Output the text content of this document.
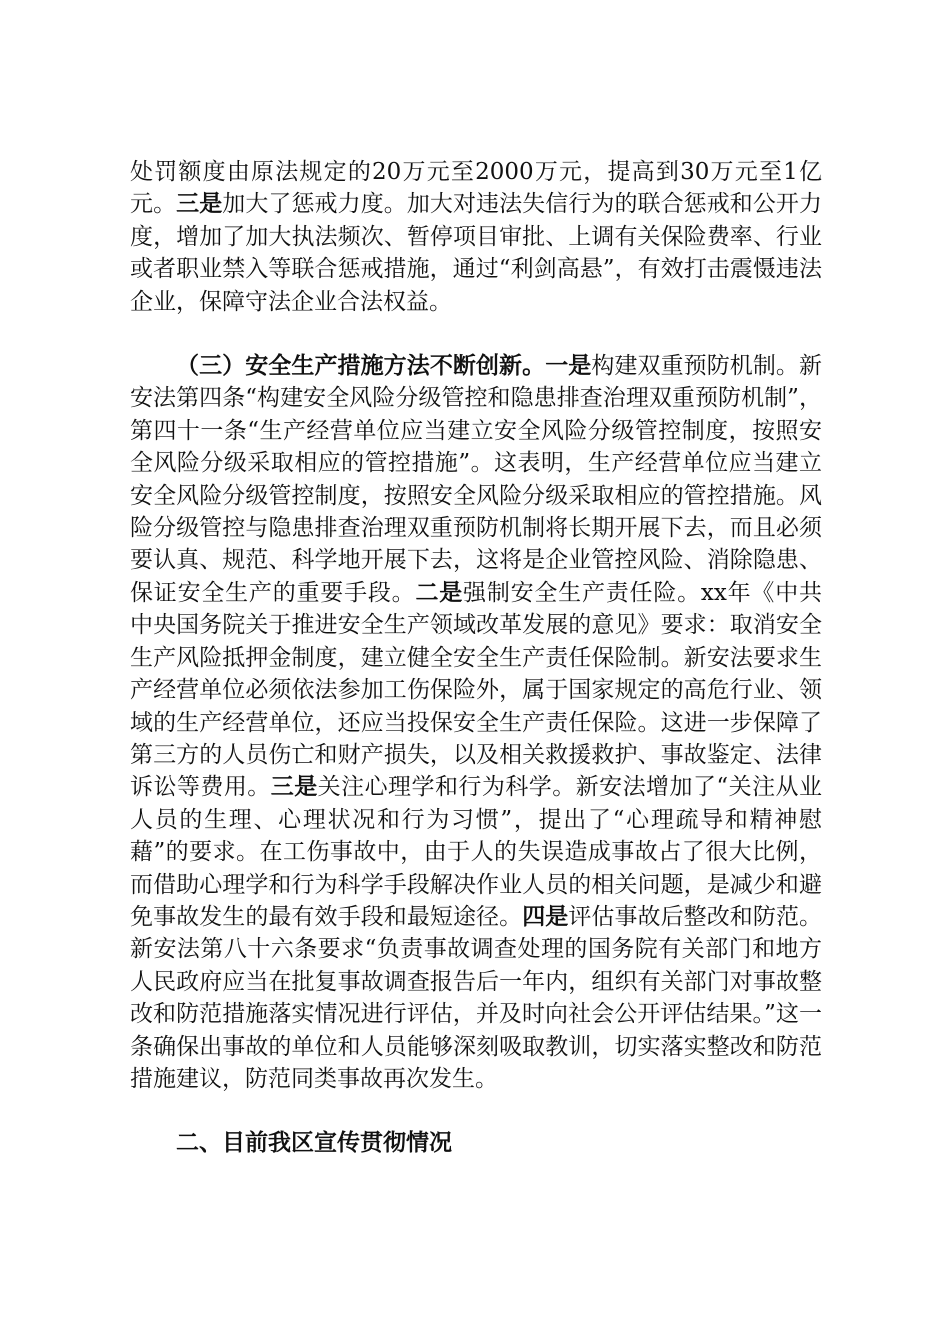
处罚额度由原法规定的20万元至2000万元，提高到30万元至1亿元。三是加大了惩戒力度。加大对违法失信行为的联合惩戒和公开力度，增加了加大执法频次、暂停项目审批、上调有关保险费率、行业或者职业禁入等联合惩戒措施，通过“利剑高悬”，有效打击震慑违法企业，保障守法企业合法权益。

（三）安全生产措施方法不断创新。一是构建双重预防机制。新安法第四条“构建安全风险分级管控和隐患排查治理双重预防机制”，第四十一条“生产经营单位应当建立安全风险分级管控制度，按照安全风险分级采取相应的管控措施”。这表明，生产经营单位应当建立安全风险分级管控制度，按照安全风险分级采取相应的管控措施。风险分级管控与隐患排查治理双重预防机制将长期开展下去，而且必须要认真、规范、科学地开展下去，这将是企业管控风险、消除隐患、保证安全生产的重要手段。二是强制安全生产责任险。xx年《中共中央国务院关于推进安全生产领域改革发展的意见》要求：取消安全生产风险抵押金制度，建立健全安全生产责任保险制。新安法要求生产经营单位必须依法参加工伤保险外，属于国家规定的高危行业、领域的生产经营单位，还应当投保安全生产责任保险。这进一步保障了第三方的人员伤亡和财产损失，以及相关救援救护、事故鉴定、法律诉讼等费用。三是关注心理学和行为科学。新安法增加了“关注从业人员的生理、心理状况和行为习惯”，提出了“心理疏导和精神慰藉”的要求。在工伤事故中，由于人的失误造成事故占了很大比例，而借助心理学和行为科学手段解决作业人员的相关问题，是减少和避免事故发生的最有效手段和最短途径。四是评估事故后整改和防范。新安法第八十六条要求“负责事故调查处理的国务院有关部门和地方人民政府应当在批复事故调查报告后一年内，组织有关部门对事故整改和防范措施落实情况进行评估，并及时向社会公开评估结果。”这一条确保出事故的单位和人员能够深刻吸取教训，切实落实整改和防范措施建议，防范同类事故再次发生。

二、目前我区宣传贯彻情况
